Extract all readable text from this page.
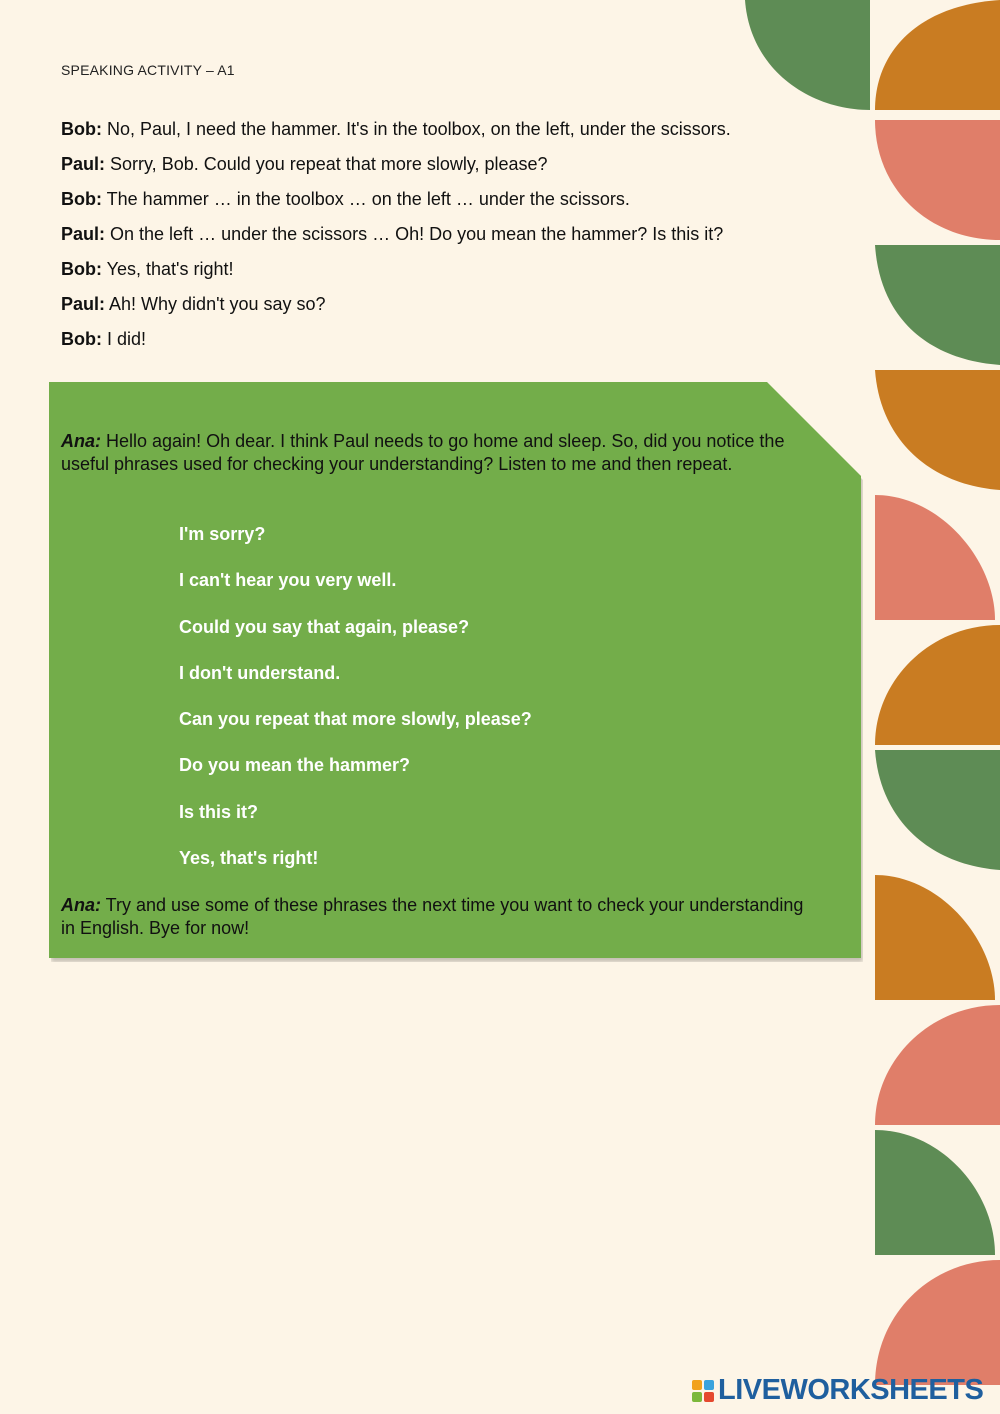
SPEAKING ACTIVITY – A1
Bob: No, Paul, I need the hammer. It's in the toolbox, on the left, under the scissors.
Paul: Sorry, Bob. Could you repeat that more slowly, please?
Bob: The hammer … in the toolbox … on the left … under the scissors.
Paul: On the left … under the scissors … Oh! Do you mean the hammer? Is this it?
Bob: Yes, that's right!
Paul: Ah! Why didn't you say so?
Bob: I did!
Ana: Hello again! Oh dear. I think Paul needs to go home and sleep. So, did you notice the useful phrases used for checking your understanding? Listen to me and then repeat.
I'm sorry?
I can't hear you very well.
Could you say that again, please?
I don't understand.
Can you repeat that more slowly, please?
Do you mean the hammer?
Is this it?
Yes, that's right!
Ana: Try and use some of these phrases the next time you want to check your understanding in English. Bye for now!
LIVEWORKSHEETS
